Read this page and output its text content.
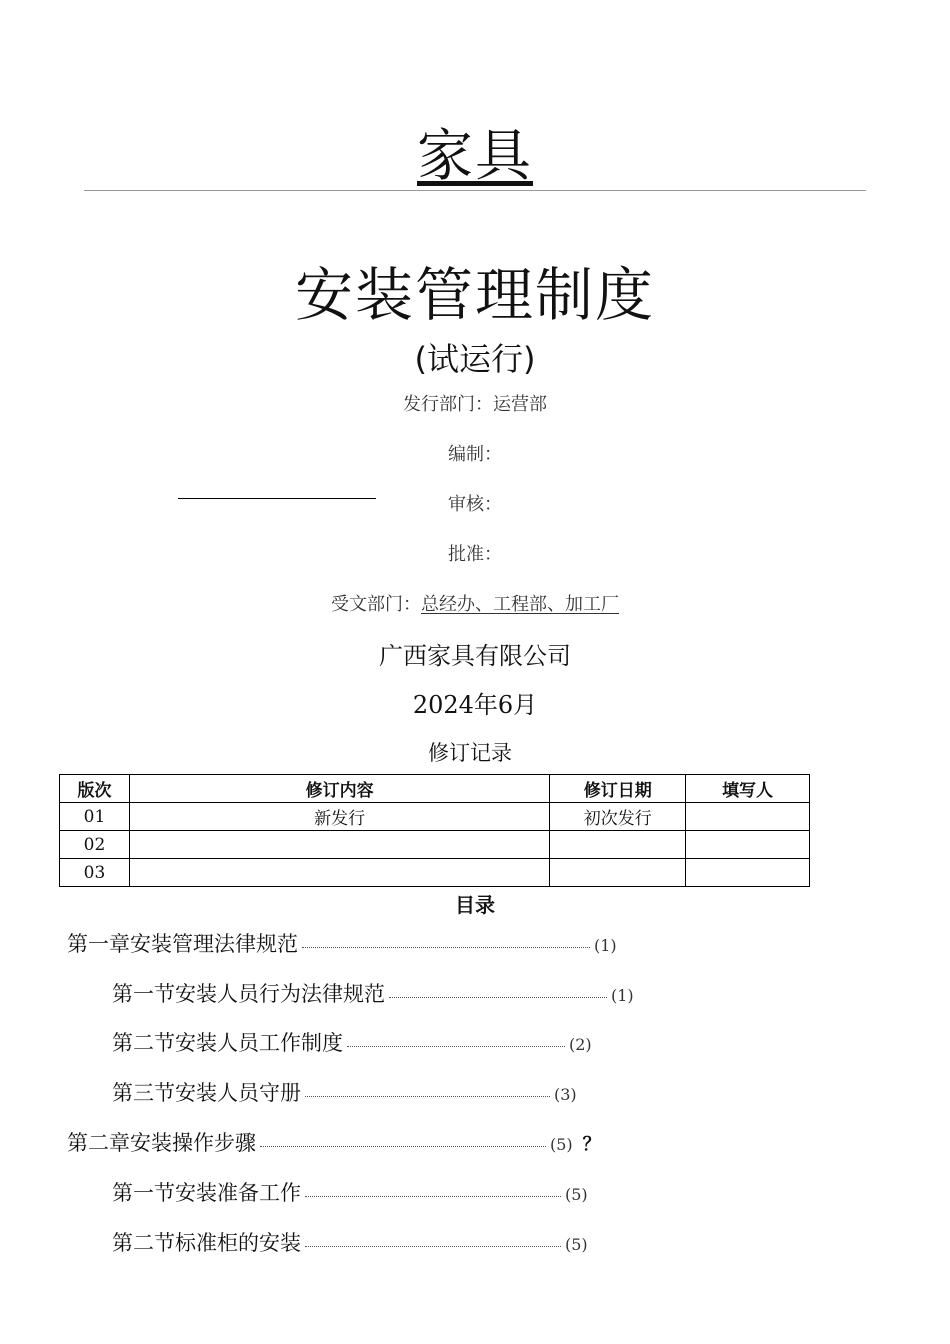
家具
安装管理制度
(试运行)
发行部门：运营部
编制：
审核：
批准：
受文部门：总经办、工程部、加工厂
广西家具有限公司
2024年6月
修订记录
版次	修订内容	修订日期	填写人
01	新发行	初次发行	
02			
03			
目录
第一章安装管理法律规范	(1)
第一节安装人员行为法律规范	(1)
第二节安装人员工作制度	(2)
第三节安装人员守册	(3)
第二章安装操作步骤	(5) ？
第一节安装准备工作	(5)
第二节标准柜的安装	(5)
